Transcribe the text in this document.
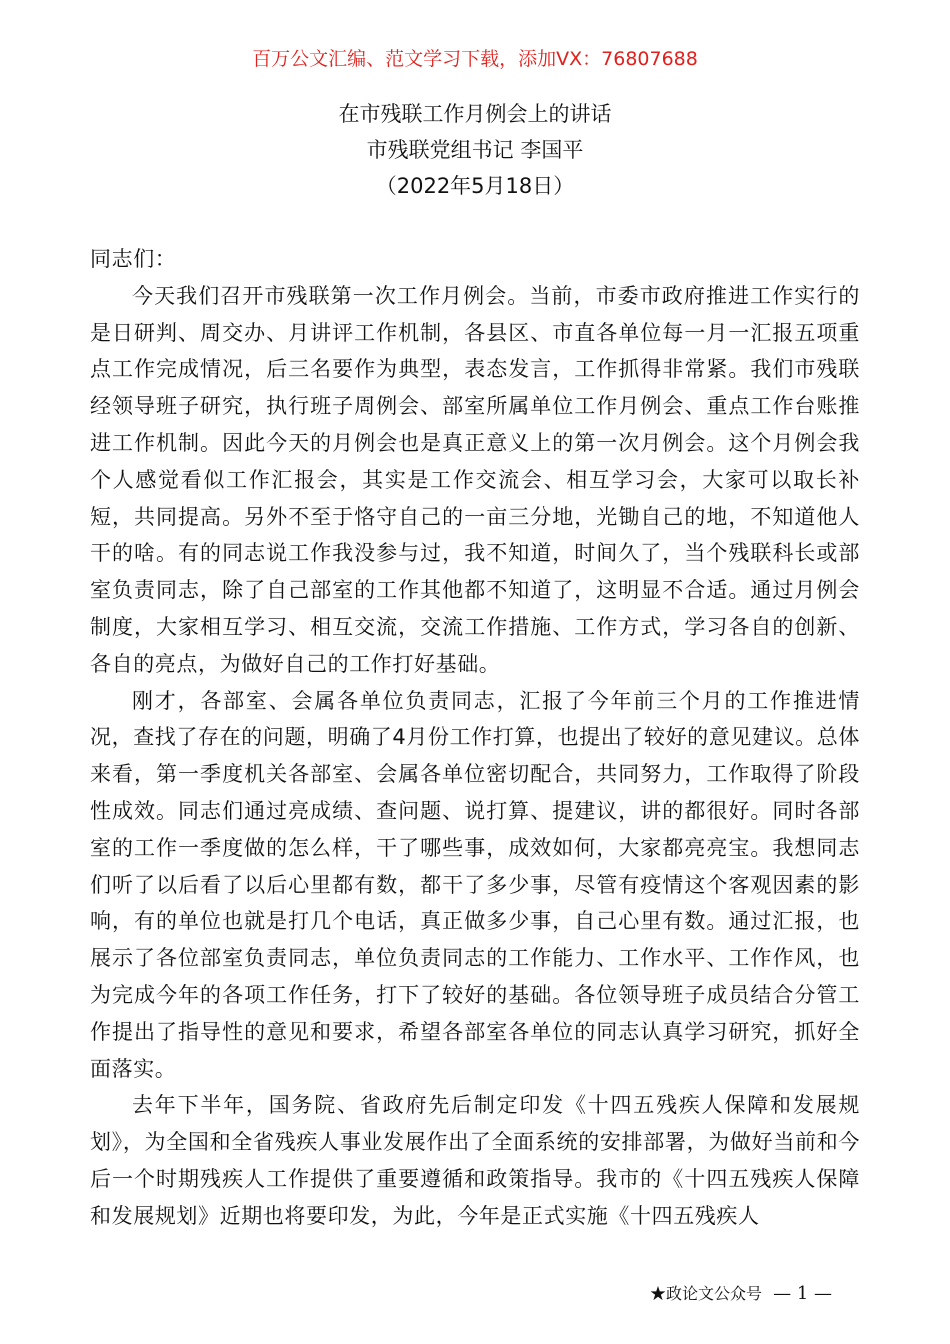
百万公文汇编、范文学习下载，添加VX：76807688
在市残联工作月例会上的讲话
市残联党组书记 李国平
（2022年5月18日）

同志们：

今天我们召开市残联第一次工作月例会。当前，市委市政府推进工作实行的是日研判、周交办、月讲评工作机制，各县区、市直各单位每一月一汇报五项重点工作完成情况，后三名要作为典型，表态发言，工作抓得非常紧。我们市残联经领导班子研究，执行班子周例会、部室所属单位工作月例会、重点工作台账推进工作机制。因此今天的月例会也是真正意义上的第一次月例会。这个月例会我个人感觉看似工作汇报会，其实是工作交流会、相互学习会，大家可以取长补短，共同提高。另外不至于恪守自己的一亩三分地，光锄自己的地，不知道他人干的啥。有的同志说工作我没参与过，我不知道，时间久了，当个残联科长或部室负责同志，除了自己部室的工作其他都不知道了，这明显不合适。通过月例会制度，大家相互学习、相互交流，交流工作措施、工作方式，学习各自的创新、各自的亮点，为做好自己的工作打好基础。

刚才，各部室、会属各单位负责同志，汇报了今年前三个月的工作推进情况，查找了存在的问题，明确了4月份工作打算，也提出了较好的意见建议。总体来看，第一季度机关各部室、会属各单位密切配合，共同努力，工作取得了阶段性成效。同志们通过亮成绩、查问题、说打算、提建议，讲的都很好。同时各部室的工作一季度做的怎么样，干了哪些事，成效如何，大家都亮亮宝。我想同志们听了以后看了以后心里都有数，都干了多少事，尽管有疫情这个客观因素的影响，有的单位也就是打几个电话，真正做多少事，自己心里有数。通过汇报，也展示了各位部室负责同志，单位负责同志的工作能力、工作水平、工作作风，也为完成今年的各项工作任务，打下了较好的基础。各位领导班子成员结合分管工作提出了指导性的意见和要求，希望各部室各单位的同志认真学习研究，抓好全面落实。

去年下半年，国务院、省政府先后制定印发《十四五残疾人保障和发展规划》，为全国和全省残疾人事业发展作出了全面系统的安排部署，为做好当前和今后一个时期残疾人工作提供了重要遵循和政策指导。我市的《十四五残疾人保障和发展规划》近期也将要印发，为此，今年是正式实施《十四五残疾人

★政论文公众号 — 1 —
